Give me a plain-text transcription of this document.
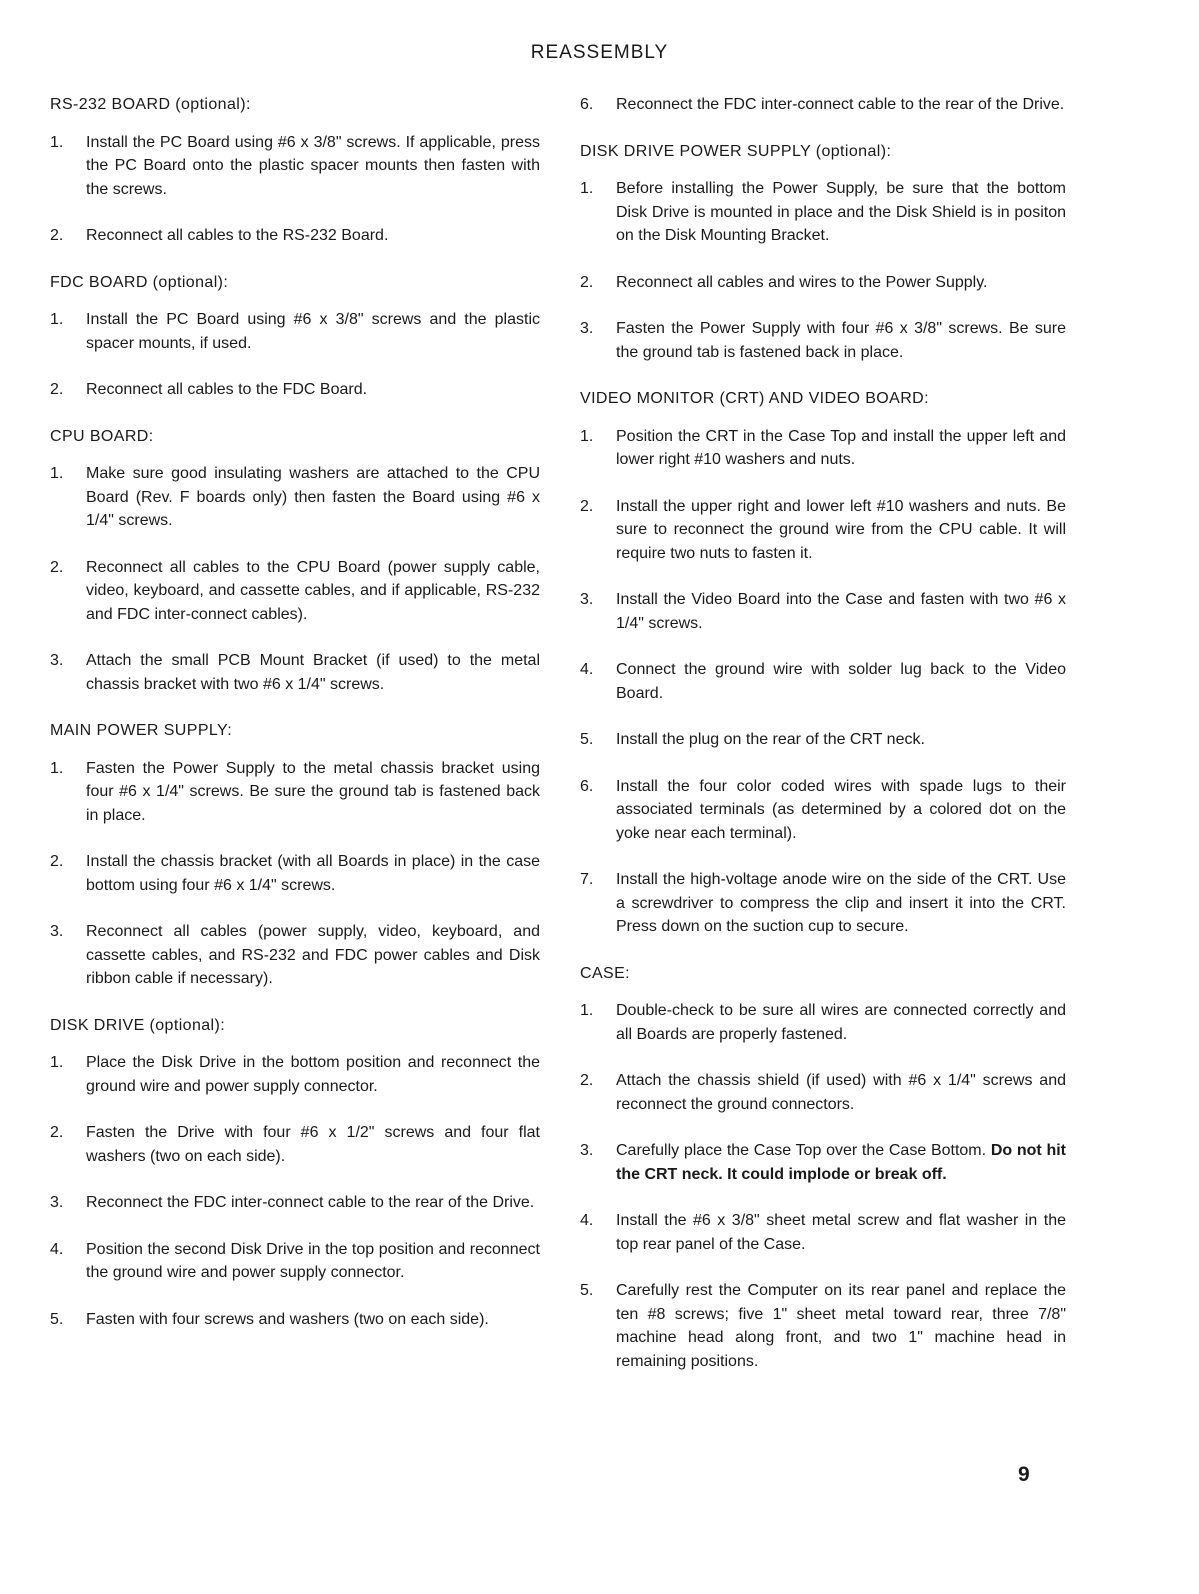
REASSEMBLY
RS-232 BOARD (optional):
1.	Install the PC Board using #6 x 3/8" screws. If applicable, press the PC Board onto the plastic spacer mounts then fasten with the screws.
2.	Reconnect all cables to the RS-232 Board.
FDC BOARD (optional):
1.	Install the PC Board using #6 x 3/8" screws and the plastic spacer mounts, if used.
2.	Reconnect all cables to the FDC Board.
CPU BOARD:
1.	Make sure good insulating washers are attached to the CPU Board (Rev. F boards only) then fasten the Board using #6 x 1/4" screws.
2.	Reconnect all cables to the CPU Board (power supply cable, video, keyboard, and cassette cables, and if applicable, RS-232 and FDC inter-connect cables).
3.	Attach the small PCB Mount Bracket (if used) to the metal chassis bracket with two #6 x 1/4" screws.
MAIN POWER SUPPLY:
1.	Fasten the Power Supply to the metal chassis bracket using four #6 x 1/4" screws. Be sure the ground tab is fastened back in place.
2.	Install the chassis bracket (with all Boards in place) in the case bottom using four #6 x 1/4" screws.
3.	Reconnect all cables (power supply, video, keyboard, and cassette cables, and RS-232 and FDC power cables and Disk ribbon cable if necessary).
DISK DRIVE (optional):
1.	Place the Disk Drive in the bottom position and reconnect the ground wire and power supply connector.
2.	Fasten the Drive with four #6 x 1/2" screws and four flat washers (two on each side).
3.	Reconnect the FDC inter-connect cable to the rear of the Drive.
4.	Position the second Disk Drive in the top position and reconnect the ground wire and power supply connector.
5.	Fasten with four screws and washers (two on each side).
6.	Reconnect the FDC inter-connect cable to the rear of the Drive.
DISK DRIVE POWER SUPPLY (optional):
1.	Before installing the Power Supply, be sure that the bottom Disk Drive is mounted in place and the Disk Shield is in positon on the Disk Mounting Bracket.
2.	Reconnect all cables and wires to the Power Supply.
3.	Fasten the Power Supply with four #6 x 3/8" screws. Be sure the ground tab is fastened back in place.
VIDEO MONITOR (CRT) AND VIDEO BOARD:
1.	Position the CRT in the Case Top and install the upper left and lower right #10 washers and nuts.
2.	Install the upper right and lower left #10 washers and nuts. Be sure to reconnect the ground wire from the CPU cable. It will require two nuts to fasten it.
3.	Install the Video Board into the Case and fasten with two #6 x 1/4" screws.
4.	Connect the ground wire with solder lug back to the Video Board.
5.	Install the plug on the rear of the CRT neck.
6.	Install the four color coded wires with spade lugs to their associated terminals (as determined by a colored dot on the yoke near each terminal).
7.	Install the high-voltage anode wire on the side of the CRT. Use a screwdriver to compress the clip and insert it into the CRT. Press down on the suction cup to secure.
CASE:
1.	Double-check to be sure all wires are connected correctly and all Boards are properly fastened.
2.	Attach the chassis shield (if used) with #6 x 1/4" screws and reconnect the ground connectors.
3.	Carefully place the Case Top over the Case Bottom. Do not hit the CRT neck. It could implode or break off.
4.	Install the #6 x 3/8" sheet metal screw and flat washer in the top rear panel of the Case.
5.	Carefully rest the Computer on its rear panel and replace the ten #8 screws; five 1" sheet metal toward rear, three 7/8" machine head along front, and two 1" machine head in remaining positions.
9
